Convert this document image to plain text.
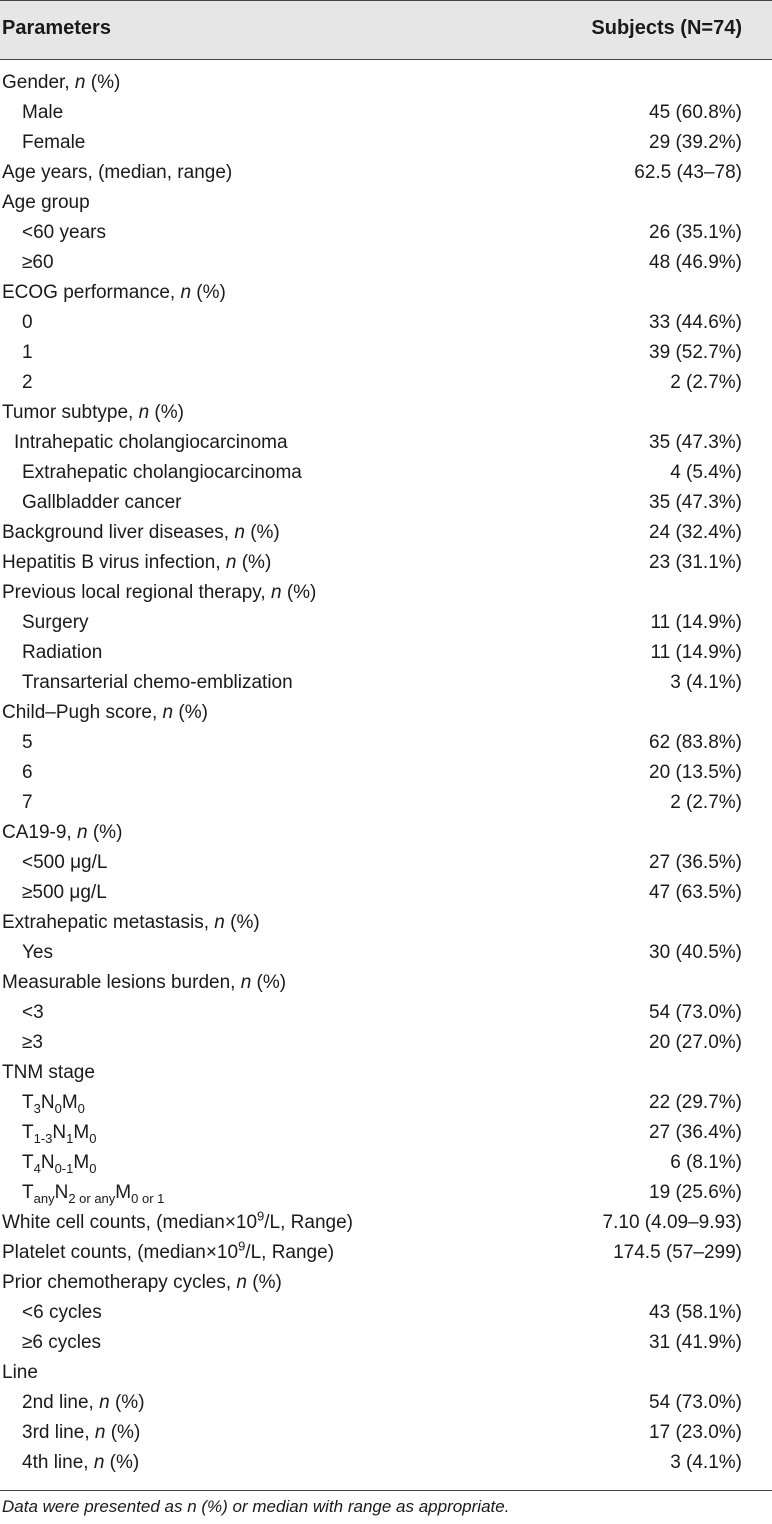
Parameters	Subjects (N=74)
Gender, n (%)
Male	45 (60.8%)
Female	29 (39.2%)
Age years, (median, range)	62.5 (43–78)
Age group
<60 years	26 (35.1%)
≥60	48 (46.9%)
ECOG performance, n (%)
0	33 (44.6%)
1	39 (52.7%)
2	2 (2.7%)
Tumor subtype, n (%)
Intrahepatic cholangiocarcinoma	35 (47.3%)
Extrahepatic cholangiocarcinoma	4 (5.4%)
Gallbladder cancer	35 (47.3%)
Background liver diseases, n (%)	24 (32.4%)
Hepatitis B virus infection, n (%)	23 (31.1%)
Previous local regional therapy, n (%)
Surgery	11 (14.9%)
Radiation	11 (14.9%)
Transarterial chemo-emblization	3 (4.1%)
Child–Pugh score, n (%)
5	62 (83.8%)
6	20 (13.5%)
7	2 (2.7%)
CA19-9, n (%)
<500 μg/L	27 (36.5%)
≥500 μg/L	47 (63.5%)
Extrahepatic metastasis, n (%)
Yes	30 (40.5%)
Measurable lesions burden, n (%)
<3	54 (73.0%)
≥3	20 (27.0%)
TNM stage
$T_3N_0M_0$	22 (29.7%)
$T_{1-3}N_1M_0$	27 (36.4%)
$T_4N_{0-1}M_0$	6 (8.1%)
$T_{any}N_{2 or any}M_{0 or 1}$	19 (25.6%)
White cell counts, ($median\times 10^9/L$, Range)	7.10 (4.09–9.93)
Platelet counts, ($median\times 10^9/L$, Range)	174.5 (57–299)
Prior chemotherapy cycles, n (%)
<6 cycles	43 (58.1%)
≥6 cycles	31 (41.9%)
Line
2nd line, n (%)	54 (73.0%)
3rd line, n (%)	17 (23.0%)
4th line, n (%)	3 (4.1%)
Data were presented as n (%) or median with range as appropriate.
